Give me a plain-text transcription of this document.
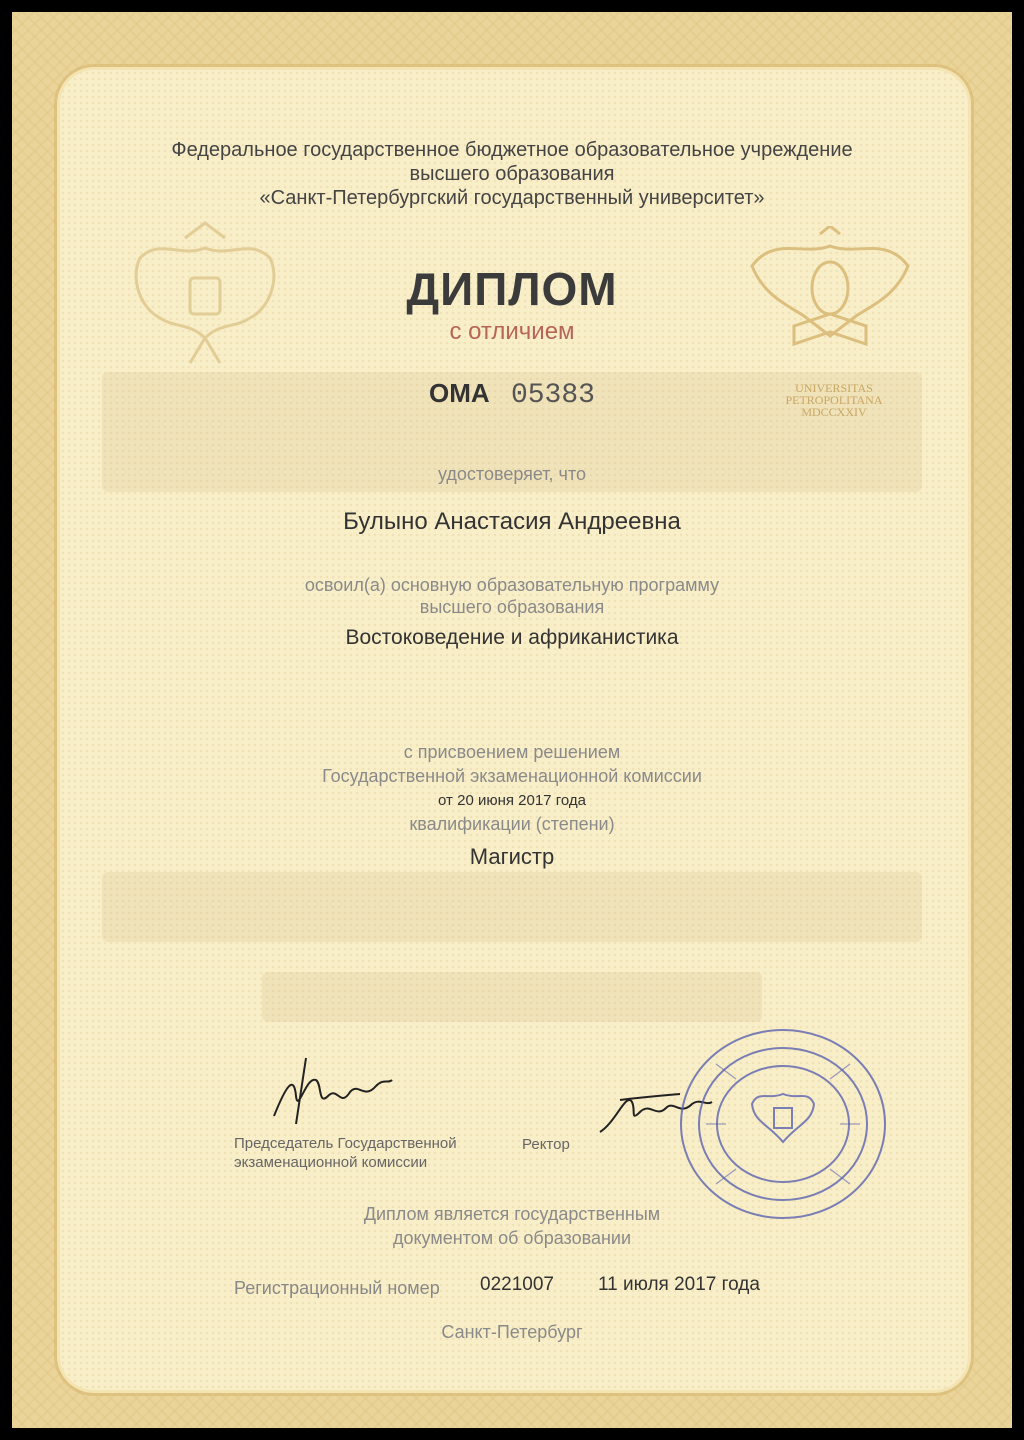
UNIVERSITAS
PETROPOLITANA
MDCCXXIV
Федеральное государственное бюджетное образовательное учреждение
высшего образования
«Санкт-Петербургский государственный университет»
ДИПЛОМ
с отличием
ОМА 05383
удостоверяет, что
Булыно Анастасия Андреевна
освоил(а) основную образовательную программу
высшего образования
Востоковедение и африканистика
с присвоением решением
Государственной экзаменационной комиссии
от 20 июня 2017 года
квалификации (степени)
Магистр
Председатель Государственной
экзаменационной комиссии
Ректор
Диплом является государственным
документом об образовании
Регистрационный номер 0221007 11 июля 2017 года
Санкт-Петербург
